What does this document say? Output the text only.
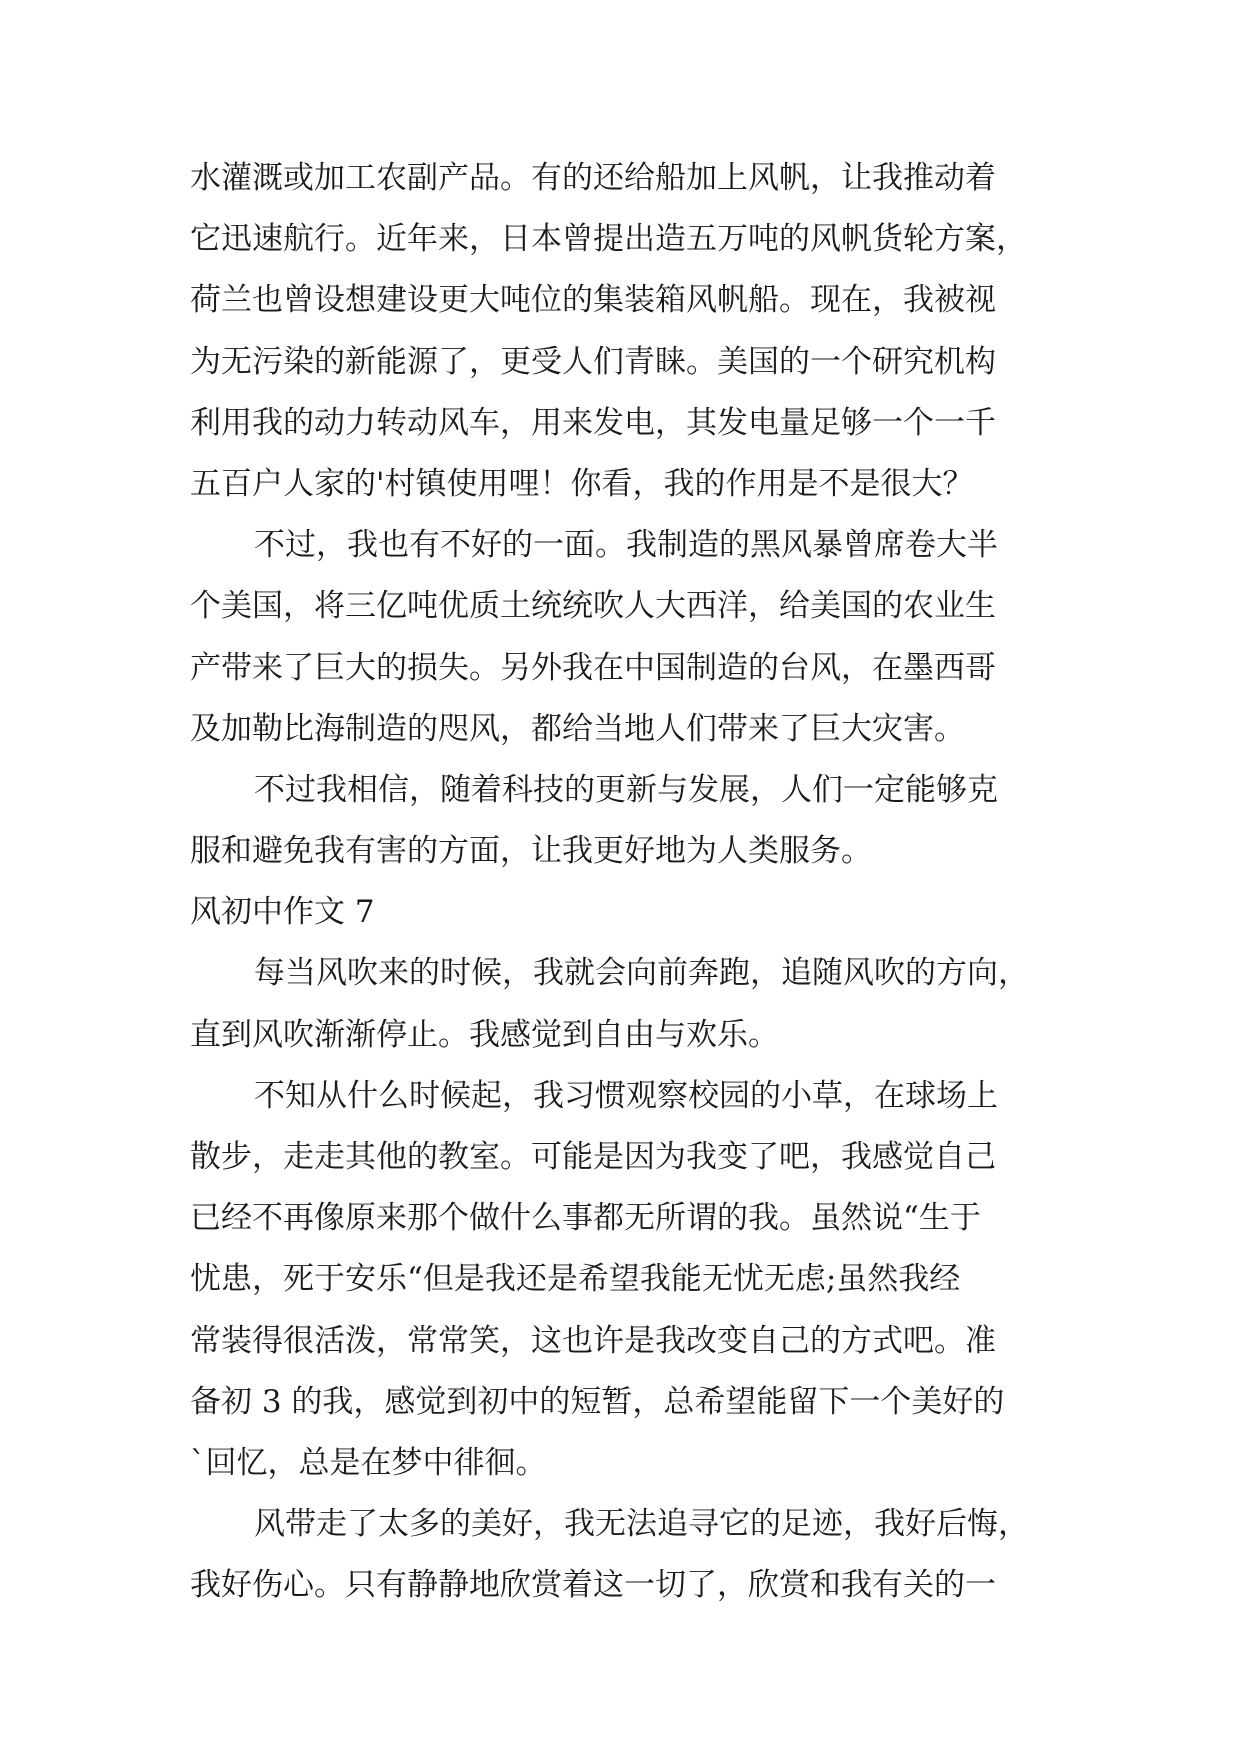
水灌溉或加工农副产品。有的还给船加上风帆，让我推动着
它迅速航行。近年来，日本曾提出造五万吨的风帆货轮方案，
荷兰也曾设想建设更大吨位的集装箱风帆船。现在，我被视
为无污染的新能源了，更受人们青睐。美国的一个研究机构
利用我的动力转动风车，用来发电，其发电量足够一个一千
五百户人家的'村镇使用哩！你看，我的作用是不是很大？
不过，我也有不好的一面。我制造的黑风暴曾席卷大半
个美国，将三亿吨优质土统统吹人大西洋，给美国的农业生
产带来了巨大的损失。另外我在中国制造的台风，在墨西哥
及加勒比海制造的咫风，都给当地人们带来了巨大灾害。
不过我相信，随着科技的更新与发展，人们一定能够克
服和避免我有害的方面，让我更好地为人类服务。
风初中作文 7
每当风吹来的时候，我就会向前奔跑，追随风吹的方向，
直到风吹渐渐停止。我感觉到自由与欢乐。
不知从什么时候起，我习惯观察校园的小草，在球场上
散步，走走其他的教室。可能是因为我变了吧，我感觉自己
已经不再像原来那个做什么事都无所谓的我。虽然说“生于
忧患，死于安乐“但是我还是希望我能无忧无虑;虽然我经
常装得很活泼，常常笑，这也许是我改变自己的方式吧。准
备初 3 的我，感觉到初中的短暂，总希望能留下一个美好的
`回忆，总是在梦中徘徊。
风带走了太多的美好，我无法追寻它的足迹，我好后悔，
我好伤心。只有静静地欣赏着这一切了，欣赏和我有关的一
